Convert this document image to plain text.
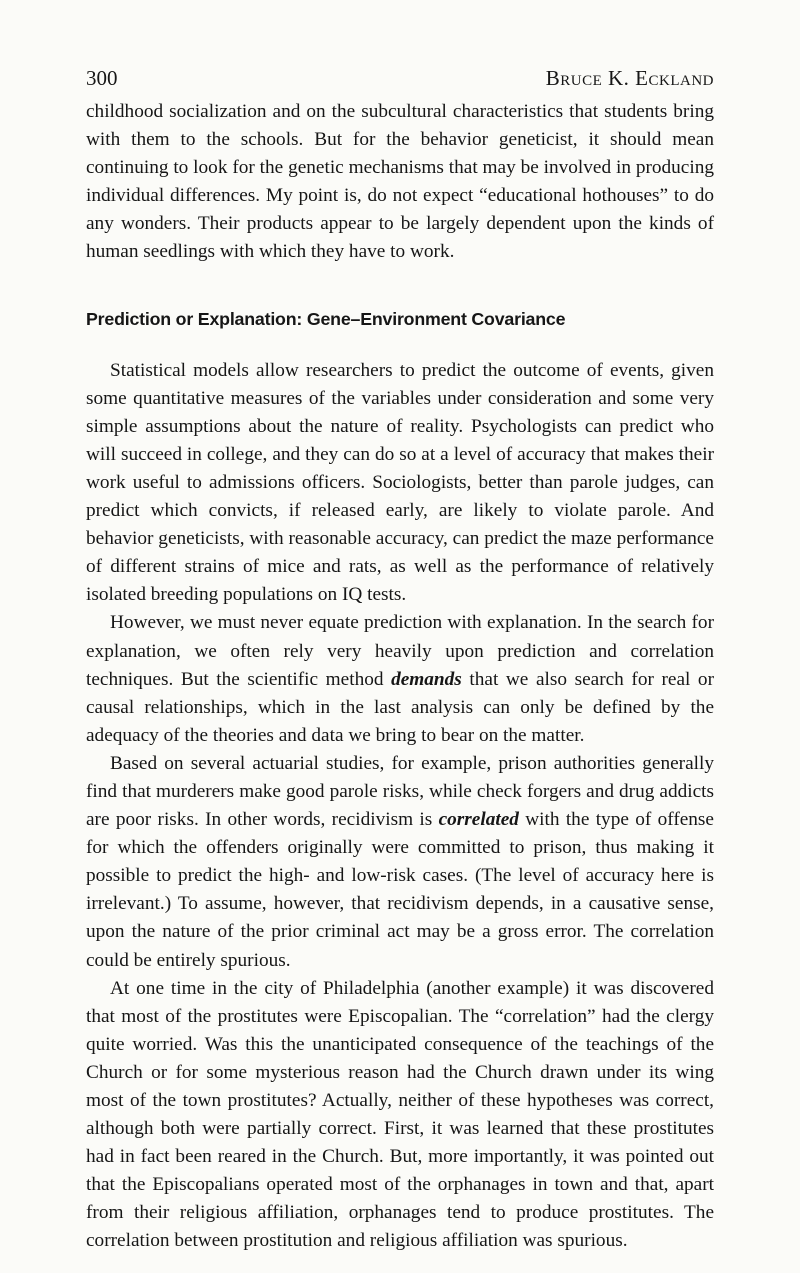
300	Bruce K. Eckland

childhood socialization and on the subcultural characteristics that students bring with them to the schools. But for the behavior geneticist, it should mean continuing to look for the genetic mechanisms that may be involved in producing individual differences. My point is, do not expect “educational hothouses” to do any wonders. Their products appear to be largely dependent upon the kinds of human seedlings with which they have to work.

Prediction or Explanation: Gene–Environment Covariance

Statistical models allow researchers to predict the outcome of events, given some quantitative measures of the variables under consideration and some very simple assumptions about the nature of reality. Psychologists can predict who will succeed in college, and they can do so at a level of accuracy that makes their work useful to admissions officers. Sociologists, better than parole judges, can predict which convicts, if released early, are likely to violate parole. And behavior geneticists, with reasonable accuracy, can predict the maze performance of different strains of mice and rats, as well as the performance of relatively isolated breeding populations on IQ tests.

However, we must never equate prediction with explanation. In the search for explanation, we often rely very heavily upon prediction and correlation techniques. But the scientific method demands that we also search for real or causal relationships, which in the last analysis can only be defined by the adequacy of the theories and data we bring to bear on the matter.

Based on several actuarial studies, for example, prison authorities generally find that murderers make good parole risks, while check forgers and drug addicts are poor risks. In other words, recidivism is correlated with the type of offense for which the offenders originally were committed to prison, thus making it possible to predict the high- and low-risk cases. (The level of accuracy here is irrelevant.) To assume, however, that recidivism depends, in a causative sense, upon the nature of the prior criminal act may be a gross error. The correlation could be entirely spurious.

At one time in the city of Philadelphia (another example) it was discovered that most of the prostitutes were Episcopalian. The “correlation” had the clergy quite worried. Was this the unanticipated consequence of the teachings of the Church or for some mysterious reason had the Church drawn under its wing most of the town prostitutes? Actually, neither of these hypotheses was correct, although both were partially correct. First, it was learned that these prostitutes had in fact been reared in the Church. But, more importantly, it was pointed out that the Episcopalians operated most of the orphanages in town and that, apart from their religious affiliation, orphanages tend to produce prostitutes. The correlation between prostitution and religious affiliation was spurious.
